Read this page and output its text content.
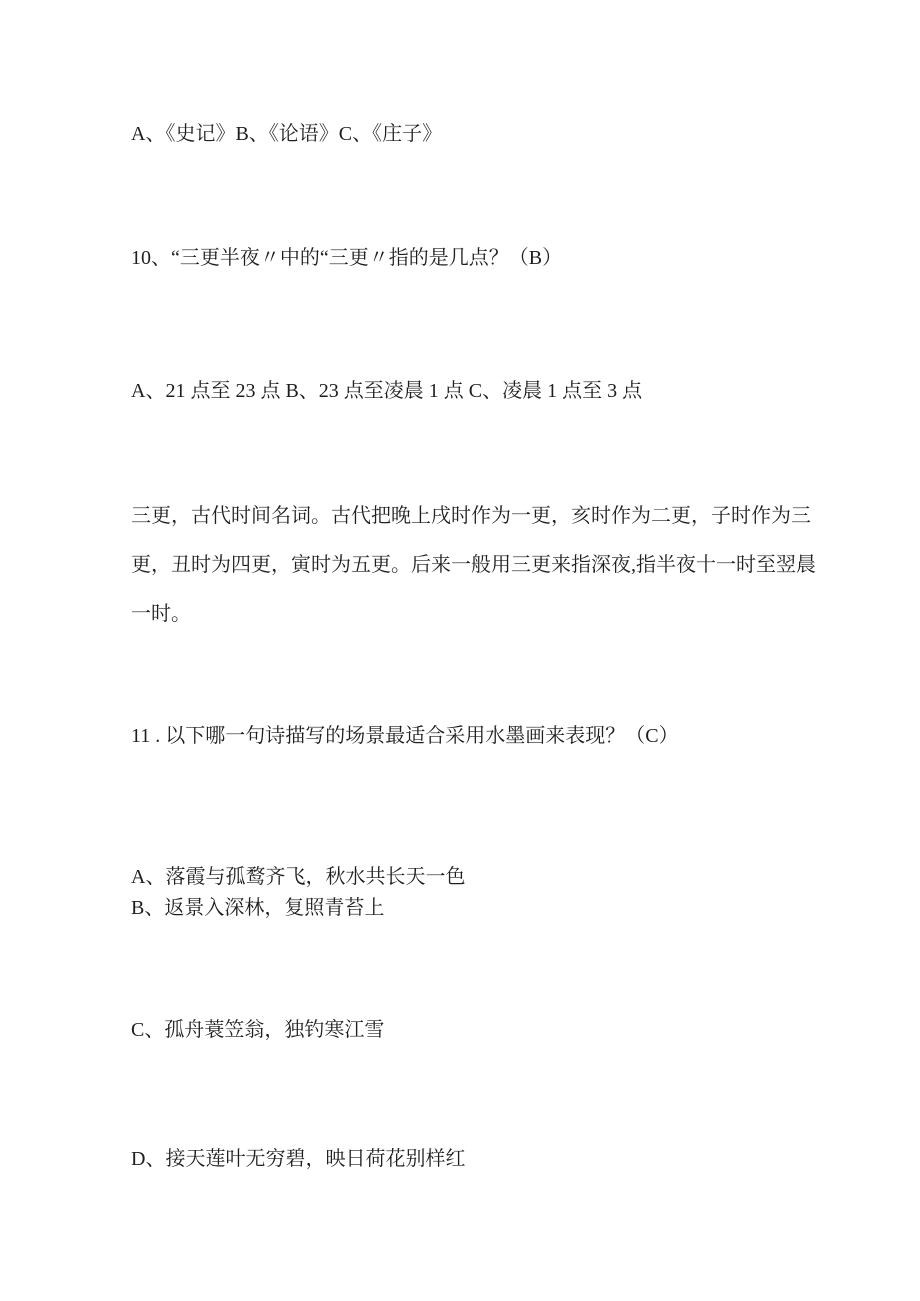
A、《史记》B、《论语》C、《庄子》
10、“三更半夜〃中的“三更〃指的是几点？（B）
A、21 点至 23 点 B、23 点至凌晨 1 点 C、凌晨 1 点至 3 点
三更，古代时间名词。古代把晚上戌时作为一更，亥时作为二更，子时作为三
更，丑时为四更，寅时为五更。后来一般用三更来指深夜,指半夜十一时至翌晨
一时。
11 . 以下哪一句诗描写的场景最适合采用水墨画来表现？（C）
A、落霞与孤鹜齐飞，秋水共长天一色
B、返景入深林，复照青苔上
C、孤舟蓑笠翁，独钓寒江雪
D、接天莲叶无穷碧，映日荷花别样红
